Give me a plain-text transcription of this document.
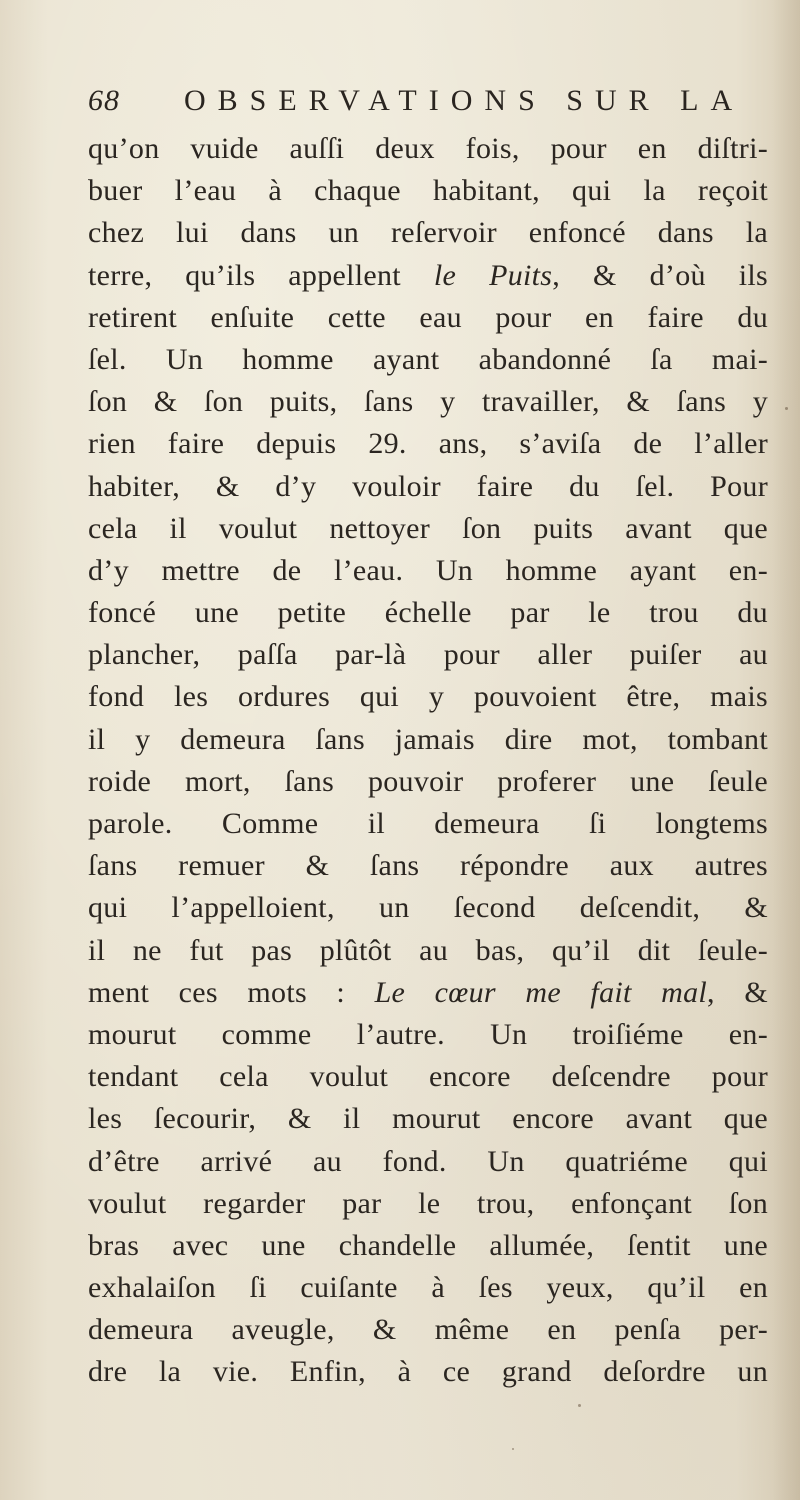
68 OBSERVATIONS SUR LA
qu’on vuide auſſi deux fois, pour en diſtri-
buer l’eau à chaque habitant, qui la reçoit
chez lui dans un reſervoir enfoncé dans la
terre, qu’ils appellent le Puits, & d’où ils
retirent enſuite cette eau pour en faire du
ſel. Un homme ayant abandonné ſa mai-
ſon & ſon puits, ſans y travailler, & ſans y
rien faire depuis 29. ans, s’aviſa de l’aller
habiter, & d’y vouloir faire du ſel. Pour
cela il voulut nettoyer ſon puits avant que
d’y mettre de l’eau. Un homme ayant en-
foncé une petite échelle par le trou du
plancher, paſſa par-là pour aller puiſer au
fond les ordures qui y pouvoient être, mais
il y demeura ſans jamais dire mot, tombant
roide mort, ſans pouvoir proferer une ſeule
parole. Comme il demeura ſi longtems
ſans remuer & ſans répondre aux autres
qui l’appelloient, un ſecond deſcendit, &
il ne fut pas plûtôt au bas, qu’il dit ſeule-
ment ces mots : Le cœur me fait mal, &
mourut comme l’autre. Un troiſiéme en-
tendant cela voulut encore deſcendre pour
les ſecourir, & il mourut encore avant que
d’être arrivé au fond. Un quatriéme qui
voulut regarder par le trou, enfonçant ſon
bras avec une chandelle allumée, ſentit une
exhalaiſon ſi cuiſante à ſes yeux, qu’il en
demeura aveugle, & même en penſa per-
dre la vie. Enfin, à ce grand deſordre un
